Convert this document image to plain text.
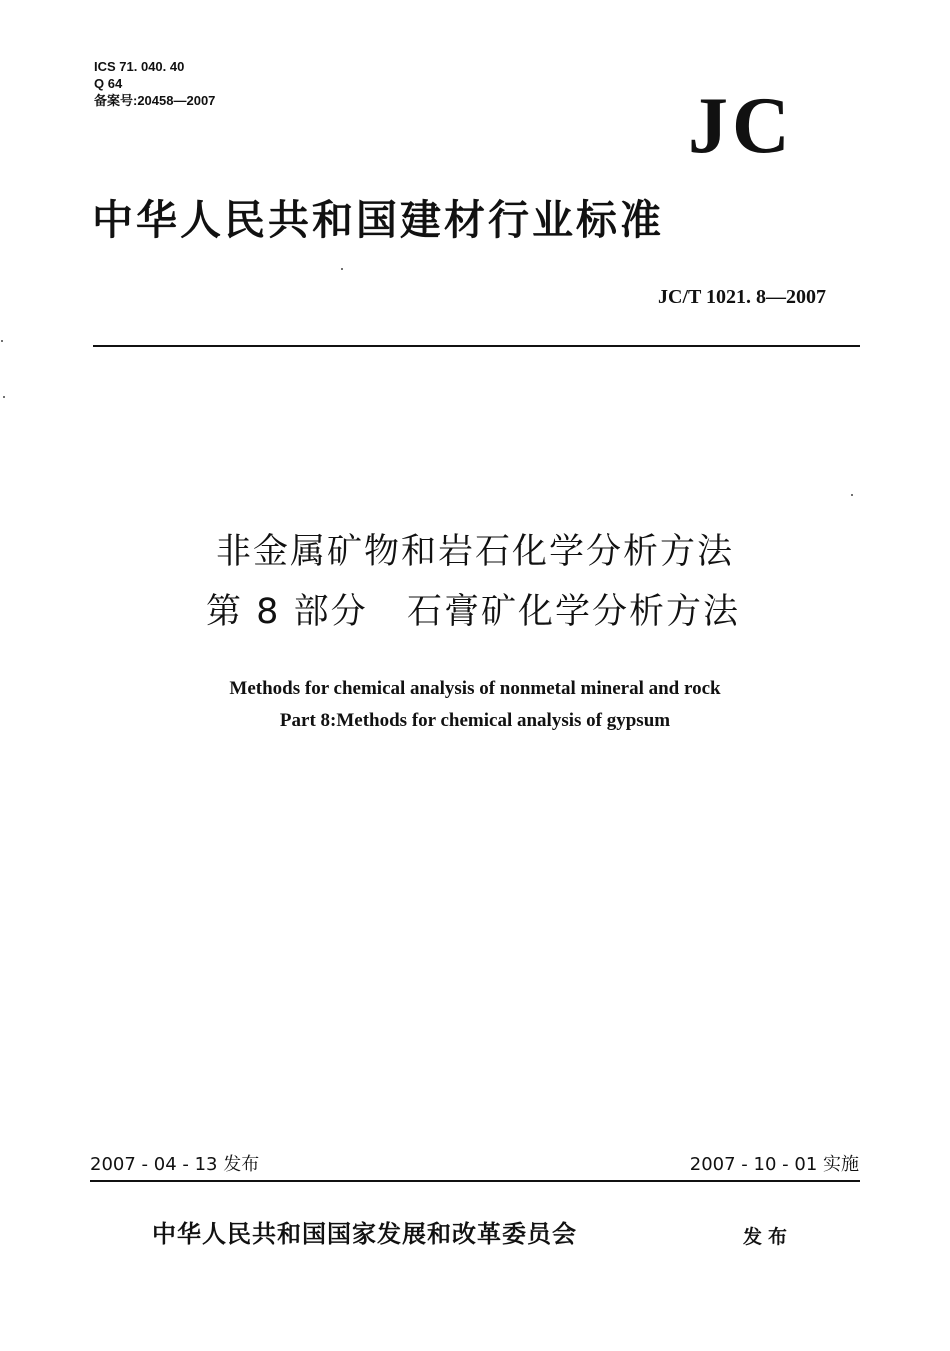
ICS 71. 040. 40
Q 64
备案号:20458—2007	JC
中华人民共和国建材行业标准
JC/T 1021. 8—2007
非金属矿物和岩石化学分析方法
第 8 部分   石膏矿化学分析方法
Methods for chemical analysis of nonmetal mineral and rock
Part 8:Methods for chemical analysis of gypsum
2007 - 04 - 13 发布	2007 - 10 - 01 实施
中华人民共和国国家发展和改革委员会	发布
